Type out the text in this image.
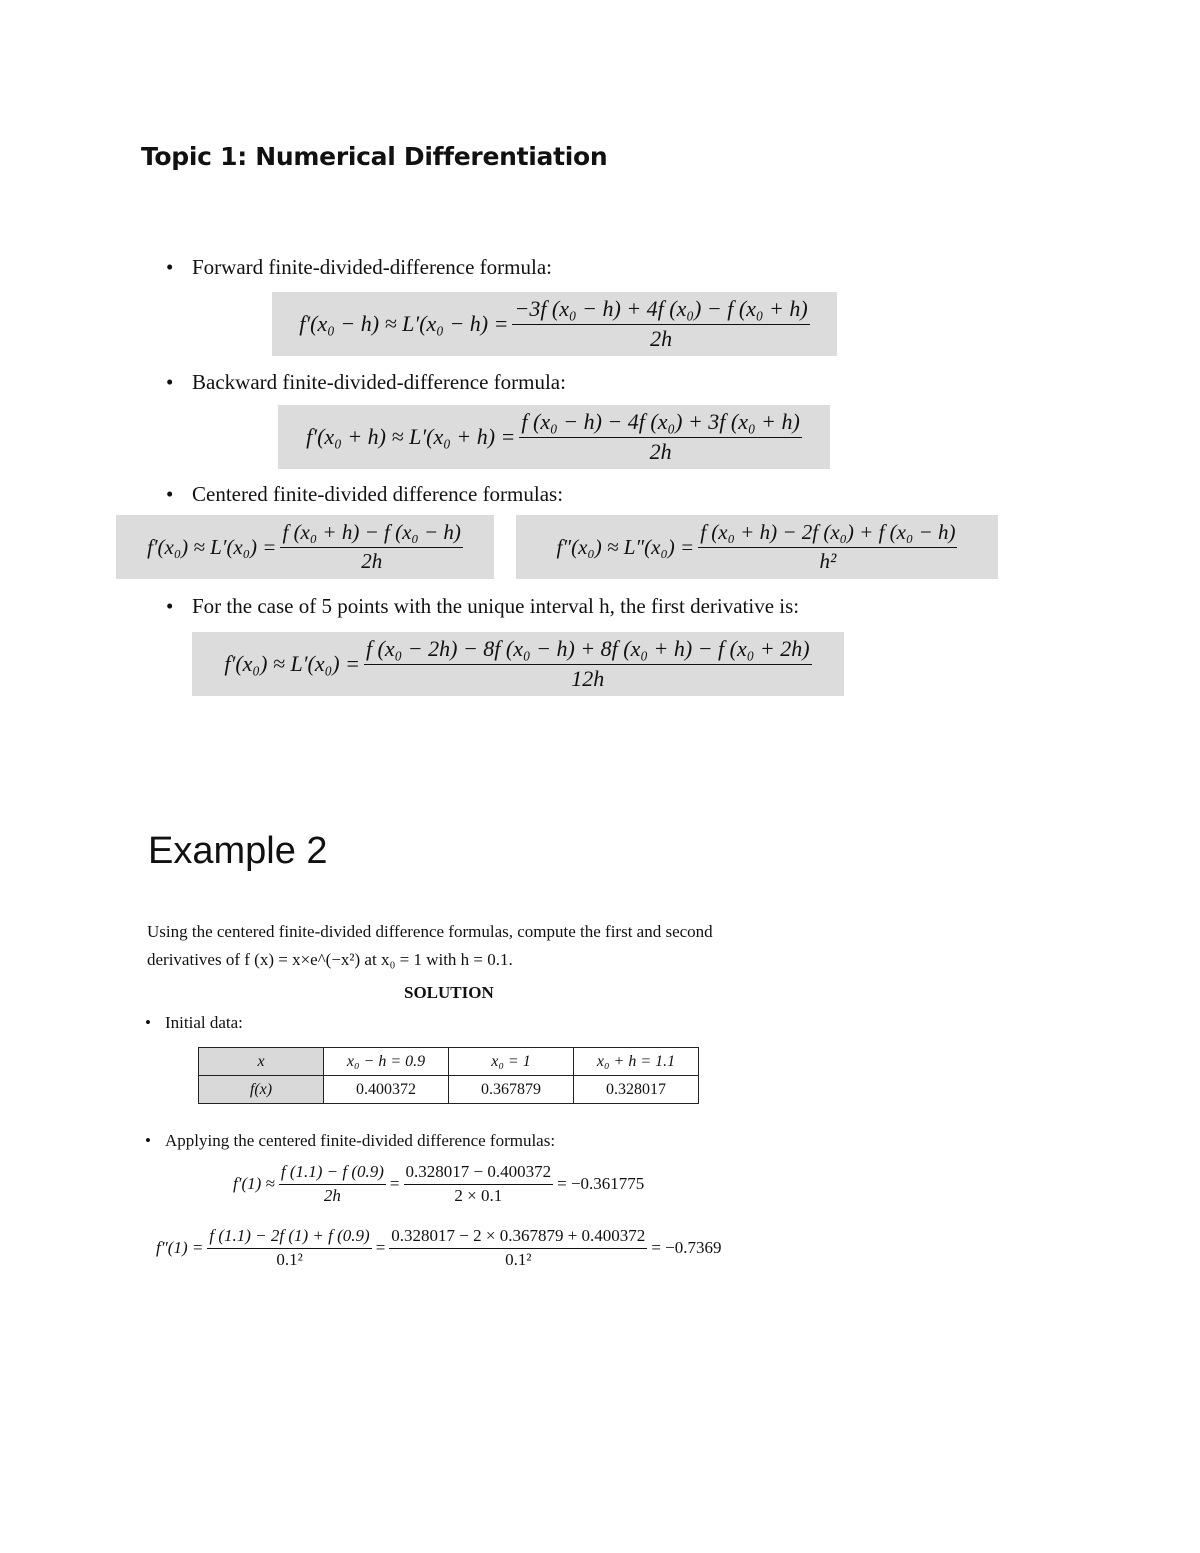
Topic 1: Numerical Differentiation
• Forward finite-divided-difference formula:
$f'(x_0 - h) \approx L'(x_0 - h) = \frac{\text{−3f (x₀ − h) + 4f (x₀) − f (x₀ + h)}}{2h}$
• Backward finite-divided-difference formula:
$f'(x_0 + h) \approx L'(x_0 + h) = \frac{\text{f (x₀ − h) − 4f (x₀) + 3f (x₀ + h)}}{2h}$
• Centered finite-divided difference formulas:
$f'(x_0) \approx L'(x_0) = \frac{\text{f (x₀ + h) − f (x₀ − h)}}{2h}$	$f''(x_0) \approx L''(x_0) = \frac{\text{f (x₀ + h) − 2f (x₀) + f (x₀ − h)}}{\text{h²}}$
• For the case of 5 points with the unique interval h, the first derivative is:
$f'(x_0) \approx L'(x_0) = \frac{\text{f (x₀ − 2h) − 8f (x₀ − h) + 8f (x₀ + h) − f (x₀ + 2h)}}{12h}$
Example 2
Using the centered finite-divided difference formulas, compute the first and second
derivatives of f (x) = x×e^(−x²) at x₀ = 1 with h = 0.1.
SOLUTION
• Initial data:
x	x₀ − h = 0.9	x₀ = 1	x₀ + h = 1.1
f(x)	0.400372	0.367879	0.328017
• Applying the centered finite-divided difference formulas:
$f'(1) \approx \frac{f (1.1) - f (0.9)}{2h} = \frac{0.328017 - 0.400372}{2 \times 0.1} = -0.361775$
$f''(1) = \frac{f (1.1) - 2f (1) + f (0.9)}{\text{0.1²}} = \frac{0.328017 - 2 \times 0.367879 + 0.400372}{\text{0.1²}} = -0.7369$
